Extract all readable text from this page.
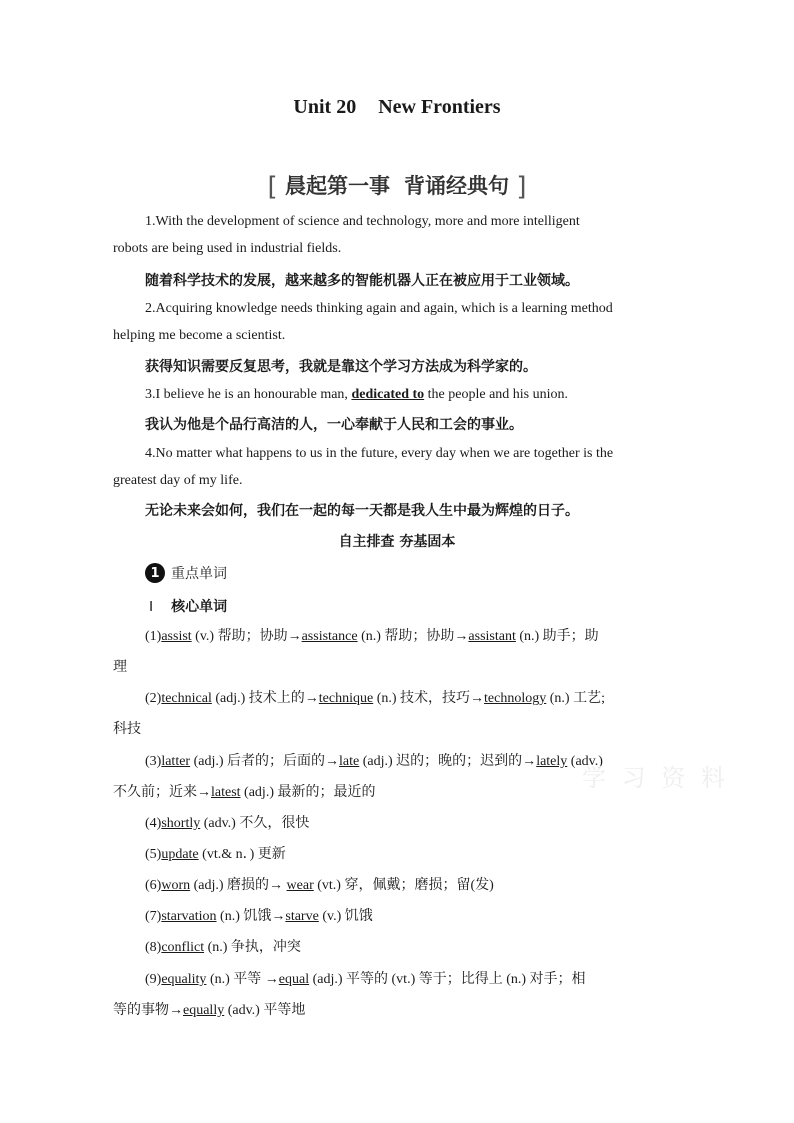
Unit 20 New Frontiers
[ 晨起第一事 背诵经典句 ]
1.With the development of science and technology, more and more intelligent
robots are being used in industrial fields.
随着科学技术的发展，越来越多的智能机器人正在被应用于工业领域。
2.Acquiring knowledge needs thinking again and again, which is a learning method
helping me become a scientist.
获得知识需要反复思考，我就是靠这个学习方法成为科学家的。
3.I believe he is an honourable man, dedicated to the people and his union.
我认为他是个品行高洁的人，一心奉献于人民和工会的事业。
4.No matter what happens to us in the future, every day when we are together is the
greatest day of my life.
无论未来会如何，我们在一起的每一天都是我人生中最为辉煌的日子。
自主排查 夯基固本
1 重点单词
Ⅰ 核心单词
(1)assist (v.) 帮助；协助→assistance (n.) 帮助；协助→assistant (n.) 助手；助
理
(2)technical (adj.) 技术上的→technique (n.) 技术，技巧→technology (n.) 工艺;
科技
(3)latter (adj.) 后者的；后面的→late (adj.) 迟的；晚的；迟到的→lately (adv.)
不久前；近来→latest (adj.) 最新的；最近的
(4)shortly (adv.) 不久，很快
(5)update (vt.& n．) 更新
(6)worn (adj.) 磨损的→ wear (vt.) 穿，佩戴；磨损；留(发)
(7)starvation (n.) 饥饿→starve (v.) 饥饿
(8)conflict (n.) 争执，冲突
(9)equality (n.) 平等 →equal (adj.) 平等的 (vt.) 等于；比得上 (n.) 对手；相
等的事物→equally (adv.) 平等地
学 习 资 料
